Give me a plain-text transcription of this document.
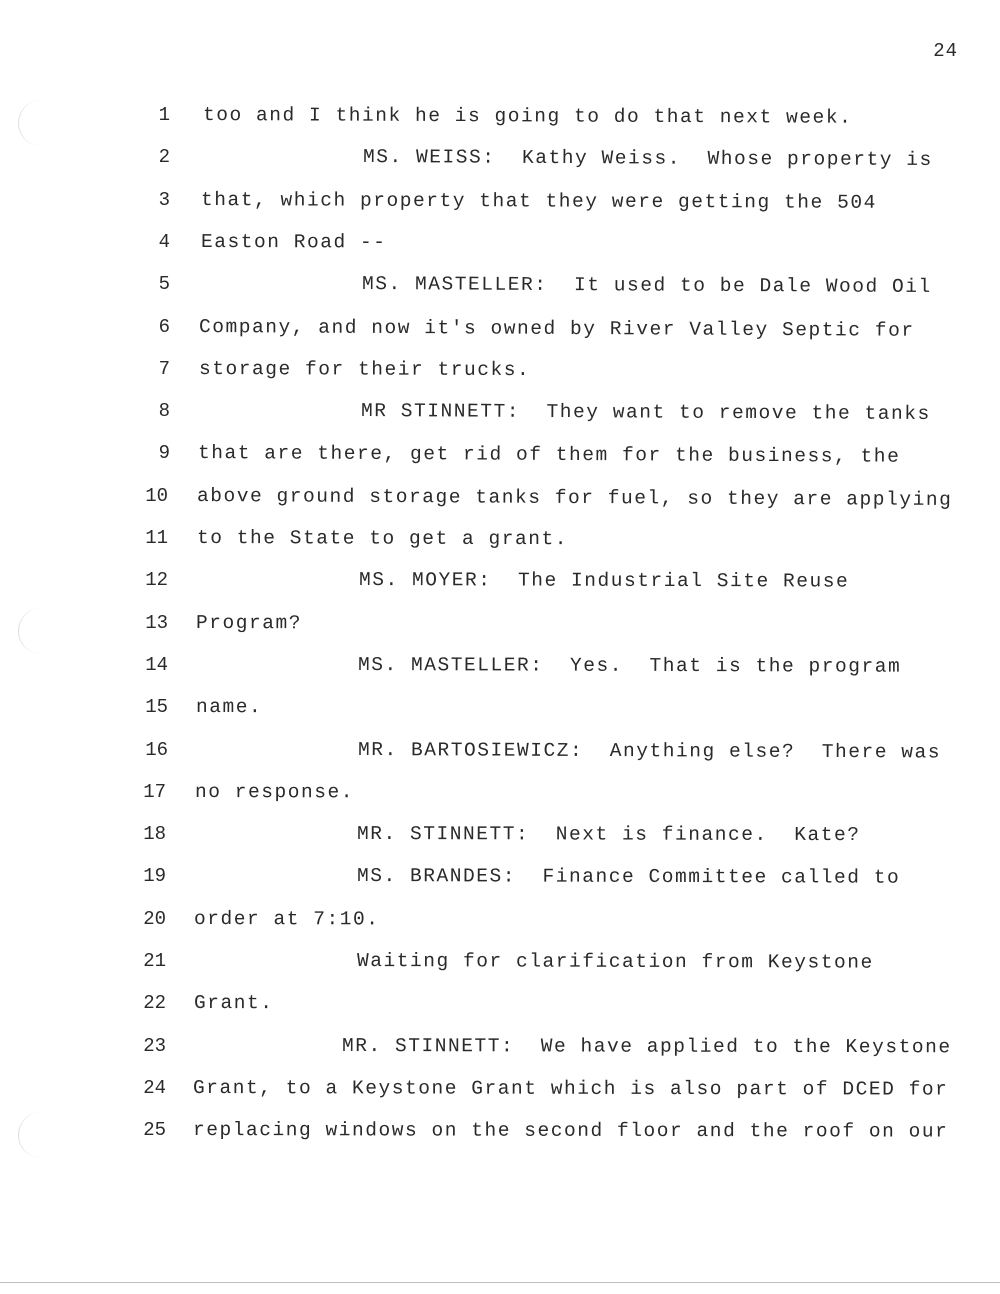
24
1 too and I think he is going to do that next week.
2	MS. WEISS:  Kathy Weiss.  Whose property is
3 that, which property that they were getting the 504
4 Easton Road --
5	MS. MASTELLER:  It used to be Dale Wood Oil
6 Company, and now it's owned by River Valley Septic for
7 storage for their trucks.
8	MR STINNETT:  They want to remove the tanks
9 that are there, get rid of them for the business, the
10 above ground storage tanks for fuel, so they are applying
11 to the State to get a grant.
12	MS. MOYER:  The Industrial Site Reuse
13 Program?
14	MS. MASTELLER:  Yes.  That is the program
15 name.
16	MR. BARTOSIEWICZ:  Anything else?  There was
17 no response.
18	MR. STINNETT:  Next is finance.  Kate?
19	MS. BRANDES:  Finance Committee called to
20 order at 7:10.
21	Waiting for clarification from Keystone
22 Grant.
23	MR. STINNETT:  We have applied to the Keystone
24 Grant, to a Keystone Grant which is also part of DCED for
25 replacing windows on the second floor and the roof on our
